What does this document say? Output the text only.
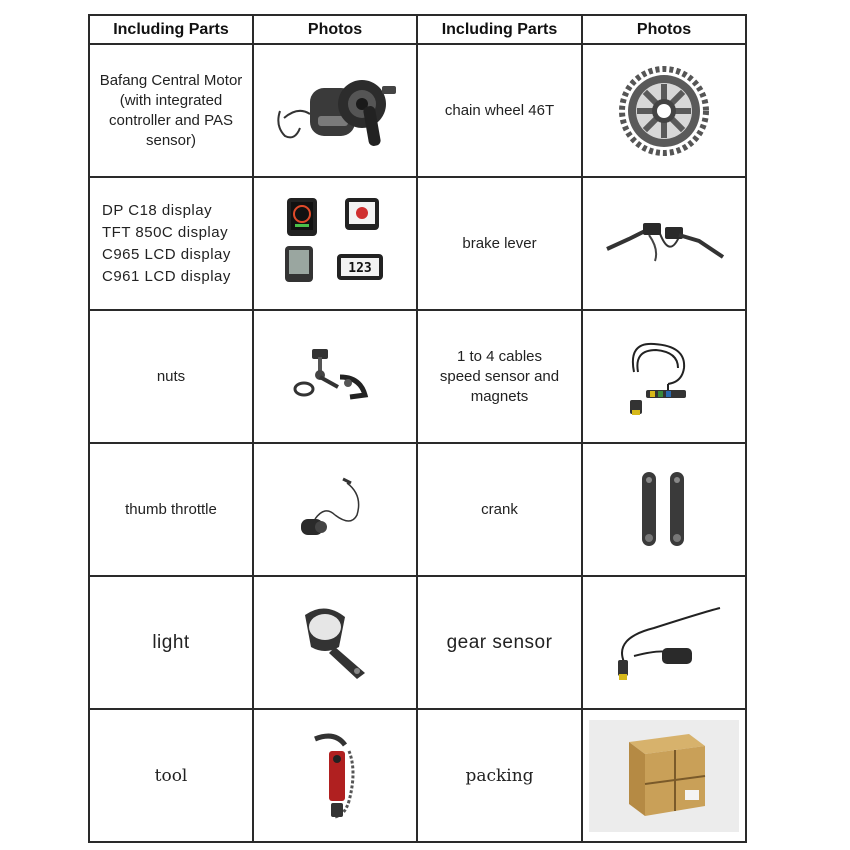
Including Parts	Photos	Including Parts	Photos

Bafang Central Motor
(with integrated
controller and PAS
sensor)		chain wheel 46T

DP C18 display
TFT 850C display
C965 LCD display
C961 LCD display	123	brake lever

nuts		1 to 4 cables
speed sensor and
magnets

thumb throttle		crank

light		gear sensor

tool		packing
